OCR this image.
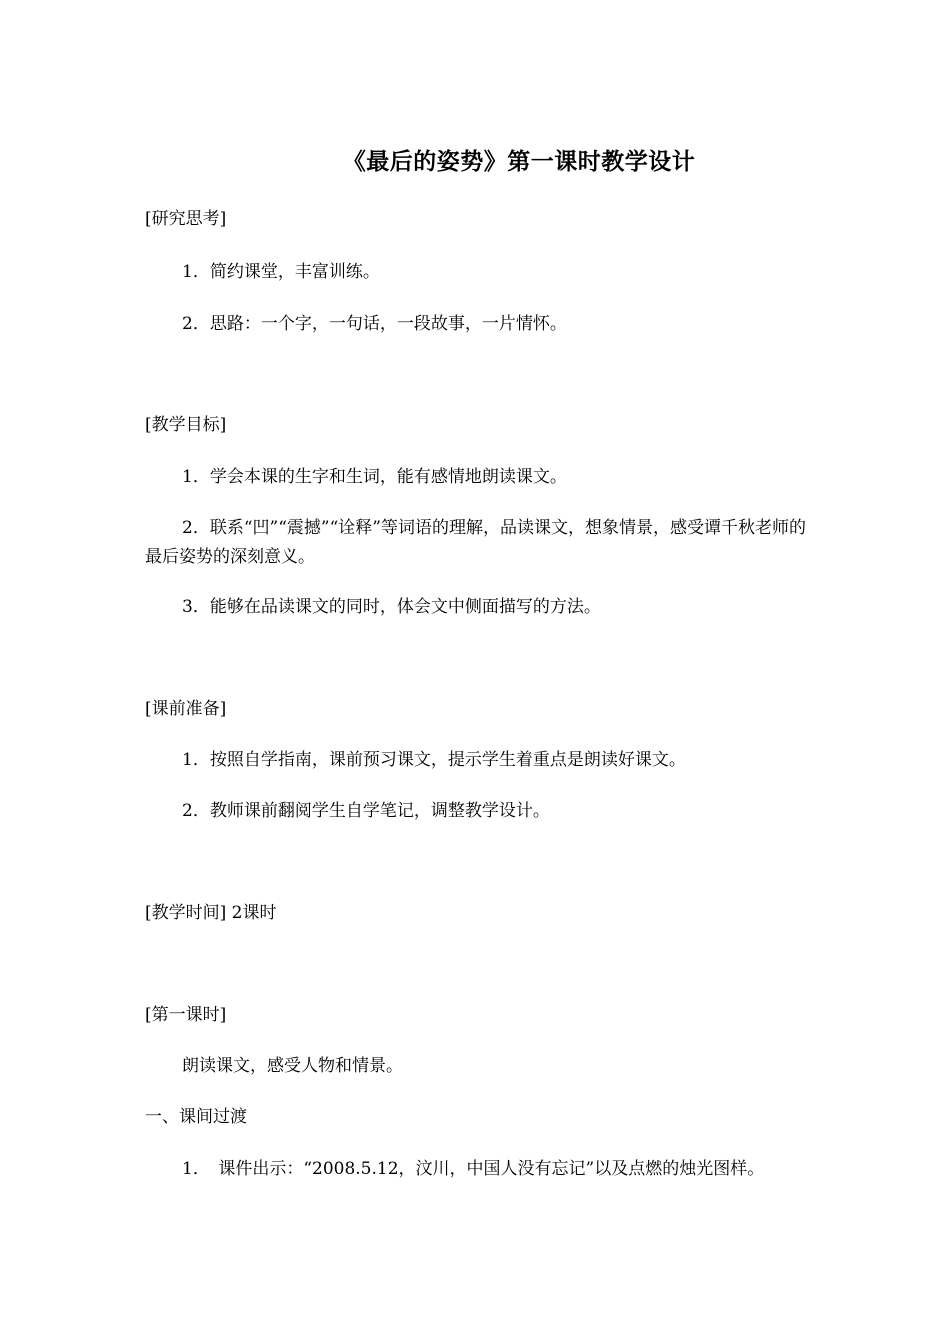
《最后的姿势》第一课时教学设计
[研究思考]
1．简约课堂，丰富训练。
2．思路：一个字，一句话，一段故事，一片情怀。
[教学目标]
1．学会本课的生字和生词，能有感情地朗读课文。
2．联系“凹”“震撼”“诠释”等词语的理解，品读课文，想象情景，感受谭千秋老师的最后姿势的深刻意义。
3．能够在品读课文的同时，体会文中侧面描写的方法。
[课前准备]
1．按照自学指南，课前预习课文，提示学生着重点是朗读好课文。
2．教师课前翻阅学生自学笔记，调整教学设计。
[教学时间] 2课时
[第一课时]
朗读课文，感受人物和情景。
一、课间过渡
1．　课件出示：“2008.5.12，汶川，中国人没有忘记”以及点燃的烛光图样。
